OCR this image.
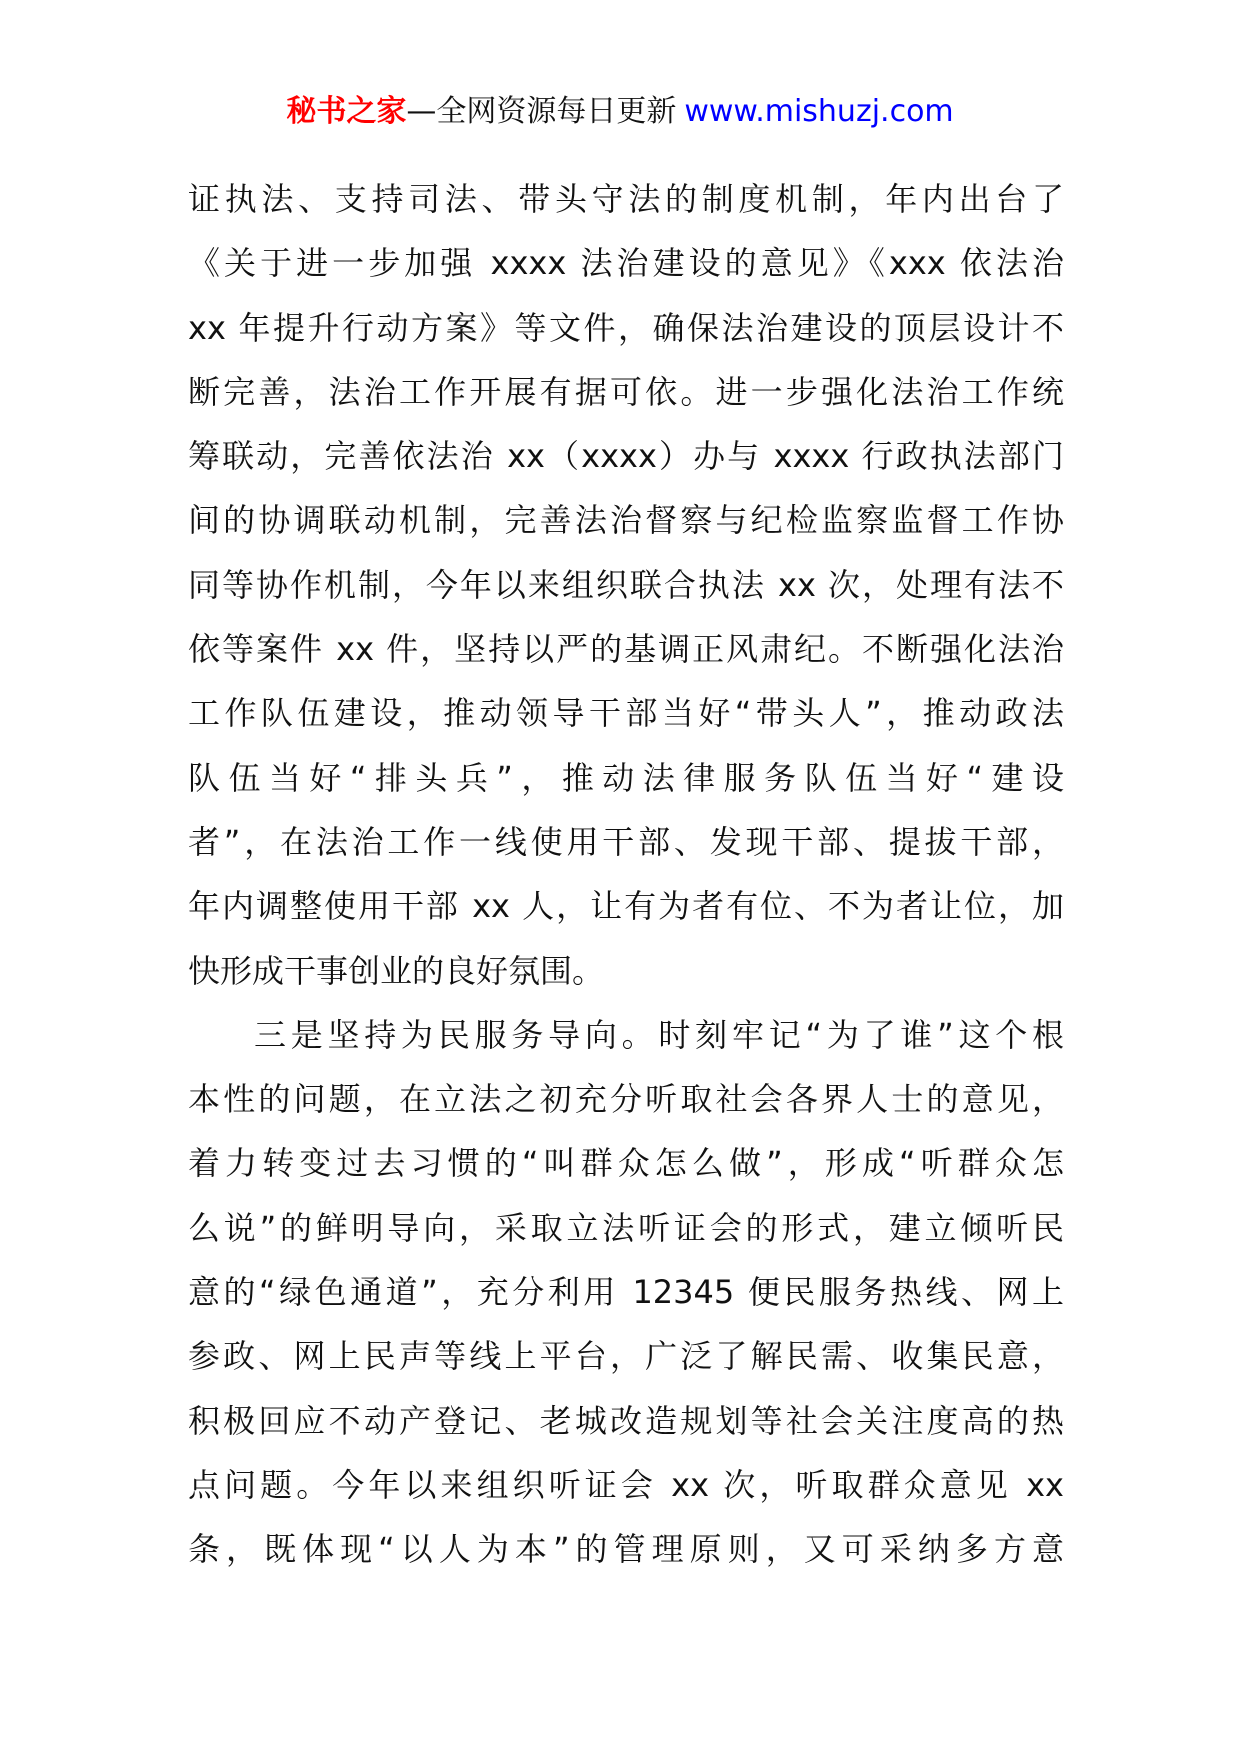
秘书之家—全网资源每日更新 www.mishuzj.com
证执法、支持司法、带头守法的制度机制，年内出台了
《关于进一步加强 xxxx 法治建设的意见》《xxx 依法治
xx 年提升行动方案》等文件，确保法治建设的顶层设计不
断完善，法治工作开展有据可依。进一步强化法治工作统
筹联动，完善依法治 xx（xxxx）办与 xxxx 行政执法部门
间的协调联动机制，完善法治督察与纪检监察监督工作协
同等协作机制，今年以来组织联合执法 xx 次，处理有法不
依等案件 xx 件，坚持以严的基调正风肃纪。不断强化法治
工作队伍建设，推动领导干部当好“带头人”，推动政法
队伍当好“排头兵”，推动法律服务队伍当好“建设
者”，在法治工作一线使用干部、发现干部、提拔干部，
年内调整使用干部 xx 人，让有为者有位、不为者让位，加
快形成干事创业的良好氛围。
三是坚持为民服务导向。时刻牢记“为了谁”这个根
本性的问题，在立法之初充分听取社会各界人士的意见，
着力转变过去习惯的“叫群众怎么做”，形成“听群众怎
么说”的鲜明导向，采取立法听证会的形式，建立倾听民
意的“绿色通道”，充分利用 12345 便民服务热线、网上
参政、网上民声等线上平台，广泛了解民需、收集民意，
积极回应不动产登记、老城改造规划等社会关注度高的热
点问题。今年以来组织听证会 xx 次，听取群众意见 xx
条，既体现“以人为本”的管理原则，又可采纳多方意
